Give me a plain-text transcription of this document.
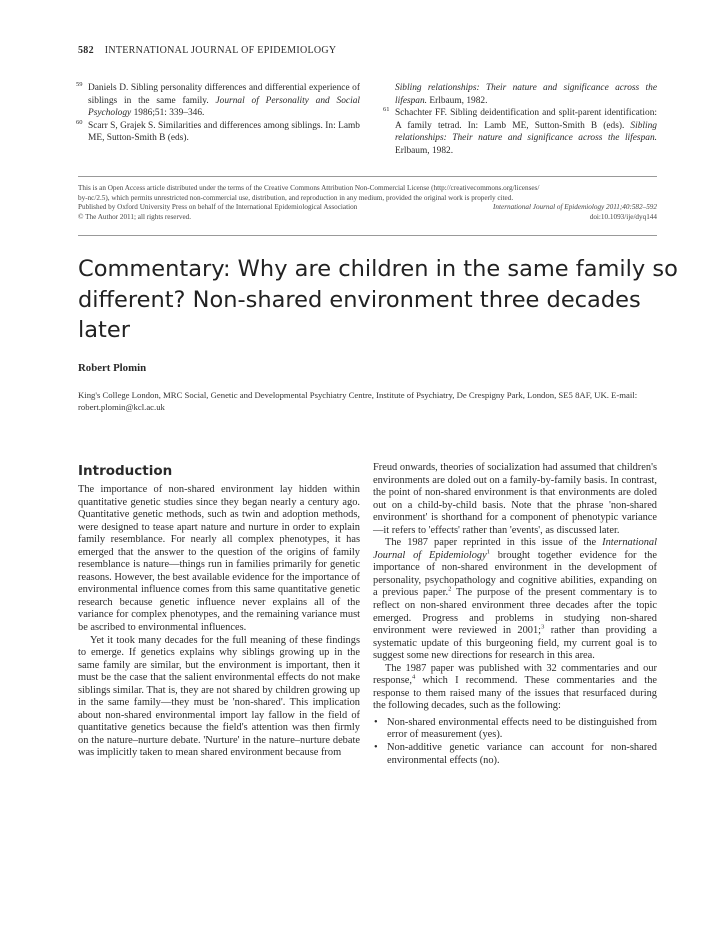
582 INTERNATIONAL JOURNAL OF EPIDEMIOLOGY
59 Daniels D. Sibling personality differences and differential experience of siblings in the same family. Journal of Personality and Social Psychology 1986;51: 339–346.
60 Scarr S, Grajek S. Similarities and differences among siblings. In: Lamb ME, Sutton-Smith B (eds).
Sibling relationships: Their nature and significance across the lifespan. Erlbaum, 1982.
61 Schachter FF. Sibling deidentification and split-parent identification: A family tetrad. In: Lamb ME, Sutton-Smith B (eds). Sibling relationships: Their nature and significance across the lifespan. Erlbaum, 1982.
This is an Open Access article distributed under the terms of the Creative Commons Attribution Non-Commercial License (http://creativecommons.org/licenses/
by-nc/2.5), which permits unrestricted non-commercial use, distribution, and reproduction in any medium, provided the original work is properly cited.
Published by Oxford University Press on behalf of the International Epidemiological Association	International Journal of Epidemiology 2011;40:582–592
© The Author 2011; all rights reserved.	doi:10.1093/ije/dyq144
Commentary: Why are children in the same family so different? Non-shared environment three decades later
Robert Plomin
King's College London, MRC Social, Genetic and Developmental Psychiatry Centre, Institute of Psychiatry, De Crespigny Park, London, SE5 8AF, UK. E-mail: robert.plomin@kcl.ac.uk
Introduction

The importance of non-shared environment lay hidden within quantitative genetic studies since they began nearly a century ago. Quantitative genetic methods, such as twin and adoption methods, were designed to tease apart nature and nurture in order to explain family resemblance. For nearly all complex phenotypes, it has emerged that the answer to the question of the origins of family resemblance is nature—things run in families primarily for genetic reasons. However, the best available evidence for the importance of environmental influence comes from this same quantitative genetic research because genetic influence never explains all of the variance for complex phenotypes, and the remaining variance must be ascribed to environmental influences.

Yet it took many decades for the full meaning of these findings to emerge. If genetics explains why siblings growing up in the same family are similar, but the environment is important, then it must be the case that the salient environmental effects do not make siblings similar. That is, they are not shared by children growing up in the same family—they must be 'non-shared'. This implication about non-shared environmental import lay fallow in the field of quantitative genetics because the field's attention was then firmly on the nature–nurture debate. 'Nurture' in the nature–nurture debate was implicitly taken to mean shared environment because from

Freud onwards, theories of socialization had assumed that children's environments are doled out on a family-by-family basis. In contrast, the point of non-shared environment is that environments are doled out on a child-by-child basis. Note that the phrase 'non-shared environment' is shorthand for a component of phenotypic variance—it refers to 'effects' rather than 'events', as discussed later.

The 1987 paper reprinted in this issue of the International Journal of Epidemiology$^1$ brought together evidence for the importance of non-shared environment in the development of personality, psychopathology and cognitive abilities, expanding on a previous paper.$^2$ The purpose of the present commentary is to reflect on non-shared environment three decades after the topic emerged. Progress and problems in studying non-shared environment were reviewed in 2001;$^3$ rather than providing a systematic update of this burgeoning field, my current goal is to suggest some new directions for research in this area.

The 1987 paper was published with 32 commentaries and our response,$^4$ which I recommend. These commentaries and the response to them raised many of the issues that resurfaced during the following decades, such as the following:

• Non-shared environmental effects need to be distinguished from error of measurement (yes).

• Non-additive genetic variance can account for non-shared environmental effects (no).
